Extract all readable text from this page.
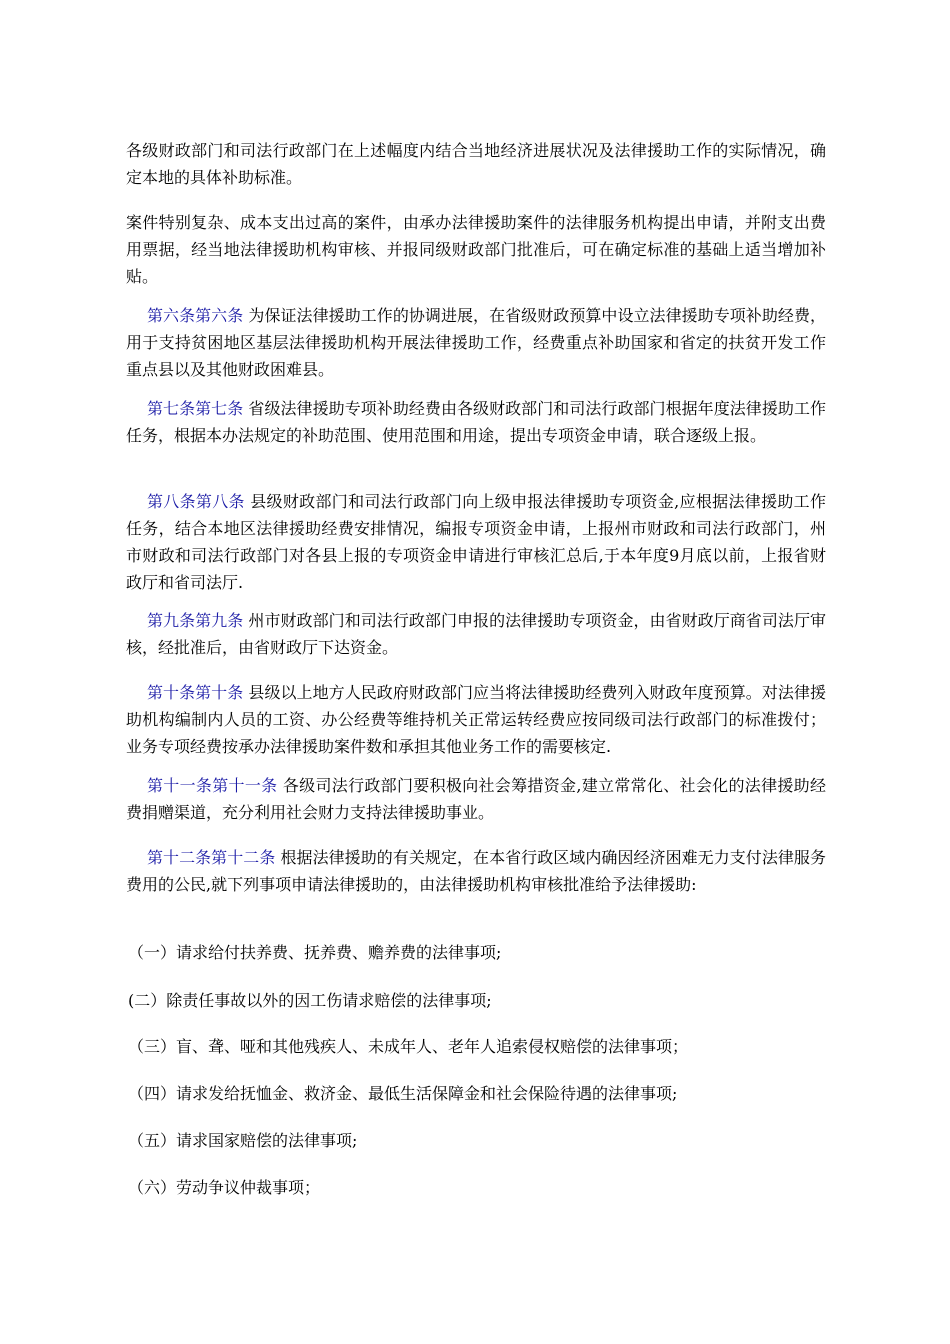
各级财政部门和司法行政部门在上述幅度内结合当地经济进展状况及法律援助工作的实际情况，确定本地的具体补助标准。

案件特别复杂、成本支出过高的案件，由承办法律援助案件的法律服务机构提出申请，并附支出费用票据，经当地法律援助机构审核、并报同级财政部门批准后，可在确定标准的基础上适当增加补贴。

第六条第六条 为保证法律援助工作的协调进展，在省级财政预算中设立法律援助专项补助经费，用于支持贫困地区基层法律援助机构开展法律援助工作，经费重点补助国家和省定的扶贫开发工作重点县以及其他财政困难县。

第七条第七条 省级法律援助专项补助经费由各级财政部门和司法行政部门根据年度法律援助工作任务，根据本办法规定的补助范围、使用范围和用途，提出专项资金申请，联合逐级上报。

第八条第八条 县级财政部门和司法行政部门向上级申报法律援助专项资金,应根据法律援助工作任务，结合本地区法律援助经费安排情况，编报专项资金申请，上报州市财政和司法行政部门，州市财政和司法行政部门对各县上报的专项资金申请进行审核汇总后,于本年度9月底以前，上报省财政厅和省司法厅.

第九条第九条 州市财政部门和司法行政部门申报的法律援助专项资金，由省财政厅商省司法厅审核，经批准后，由省财政厅下达资金。

第十条第十条 县级以上地方人民政府财政部门应当将法律援助经费列入财政年度预算。对法律援助机构编制内人员的工资、办公经费等维持机关正常运转经费应按同级司法行政部门的标准拨付；业务专项经费按承办法律援助案件数和承担其他业务工作的需要核定.

第十一条第十一条 各级司法行政部门要积极向社会筹措资金,建立常常化、社会化的法律援助经费捐赠渠道，充分利用社会财力支持法律援助事业。

第十二条第十二条 根据法律援助的有关规定，在本省行政区域内确因经济困难无力支付法律服务费用的公民,就下列事项申请法律援助的，由法律援助机构审核批准给予法律援助:

（一）请求给付扶养费、抚养费、赡养费的法律事项;

(二）除责任事故以外的因工伤请求赔偿的法律事项;

（三）盲、聋、哑和其他残疾人、未成年人、老年人追索侵权赔偿的法律事项；

（四）请求发给抚恤金、救济金、最低生活保障金和社会保险待遇的法律事项;

（五）请求国家赔偿的法律事项;

（六）劳动争议仲裁事项；
